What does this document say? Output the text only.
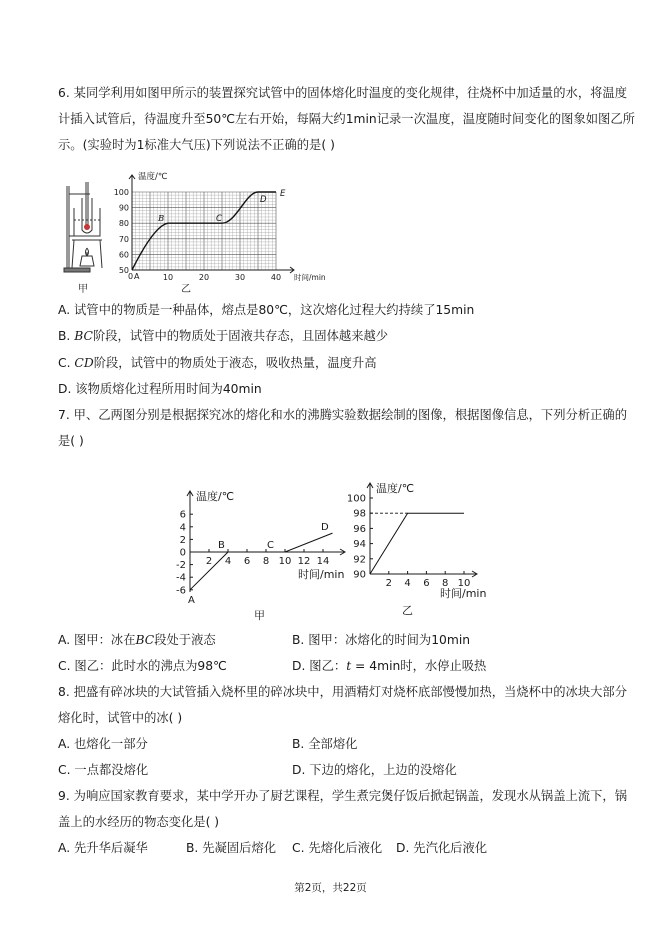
6. 某同学利用如图甲所示的装置探究试管中的固体熔化时温度的变化规律，往烧杯中加适量的水，将温度
计插入试管后，待温度升至50℃左右开始，每隔大约1min记录一次温度，温度随时间变化的图象如图乙所
示。(实验时为1标准大气压)下列说法不正确的是( )
甲
温度/℃
时间/min
0 A
B	C
D
E
50
60
70
80
90
100
10	20	30	40
乙
A. 试管中的物质是一种晶体，熔点是80℃，这次熔化过程大约持续了15min
B. BC阶段，试管中的物质处于固液共存态，且固体越来越少
C. CD阶段，试管中的物质处于液态，吸收热量，温度升高
D. 该物质熔化过程所用时间为40min
7. 甲、乙两图分别是根据探究冰的熔化和水的沸腾实验数据绘制的图像，根据图像信息，下列分析正确的
是( )
6
4
2
0
-2
-4
-6
2 4 6 8 10 12 14
温度/℃
时间/min
A
B	C
D
甲
100
98
96
94
92
90
2 4 6 8 10
温度/℃
时间/min
乙
A. 图甲：冰在BC段处于液态	B. 图甲：冰熔化的时间为10min
C. 图乙：此时水的沸点为98℃	D. 图乙：t = 4min时，水停止吸热
8. 把盛有碎冰块的大试管插入烧杯里的碎冰块中，用酒精灯对烧杯底部慢慢加热，当烧杯中的冰块大部分
熔化时，试管中的冰( )
A. 也熔化一部分	B. 全部熔化
C. 一点都没熔化	D. 下边的熔化，上边的没熔化
9. 为响应国家教育要求，某中学开办了厨艺课程，学生煮完煲仔饭后掀起锅盖，发现水从锅盖上流下，锅
盖上的水经历的物态变化是( )
A. 先升华后凝华	B. 先凝固后熔化 C. 先熔化后液化 D. 先汽化后液化
第2页，共22页
